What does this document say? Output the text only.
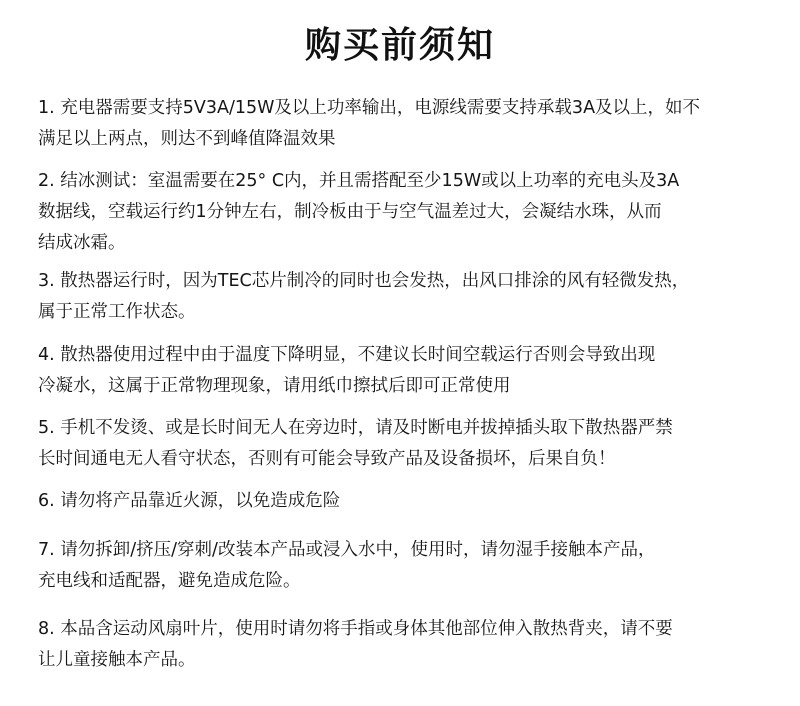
购买前须知
1. 充电器需要支持5V3A/15W及以上功率输出，电源线需要支持承载3A及以上，如不
满足以上两点，则达不到峰值降温效果
2. 结冰测试：室温需要在25° C内，并且需搭配至少15W或以上功率的充电头及3A
数据线，空载运行约1分钟左右，制冷板由于与空气温差过大，会凝结水珠，从而
结成冰霜。
3. 散热器运行时，因为TEC芯片制冷的同时也会发热，出风口排涂的风有轻微发热，
属于正常工作状态。
4. 散热器使用过程中由于温度下降明显，不建议长时间空载运行否则会导致出现
冷凝水，这属于正常物理现象，请用纸巾擦拭后即可正常使用
5. 手机不发烫、或是长时间无人在旁边时，请及时断电并拔掉插头取下散热器严禁
长时间通电无人看守状态，否则有可能会导致产品及设备损坏，后果自负！
6. 请勿将产品靠近火源，以免造成危险
7. 请勿拆卸/挤压/穿刺/改装本产品或浸入水中，使用时，请勿湿手接触本产品，
充电线和适配器，避免造成危险。
8. 本品含运动风扇叶片，使用时请勿将手指或身体其他部位伸入散热背夹，请不要
让儿童接触本产品。
